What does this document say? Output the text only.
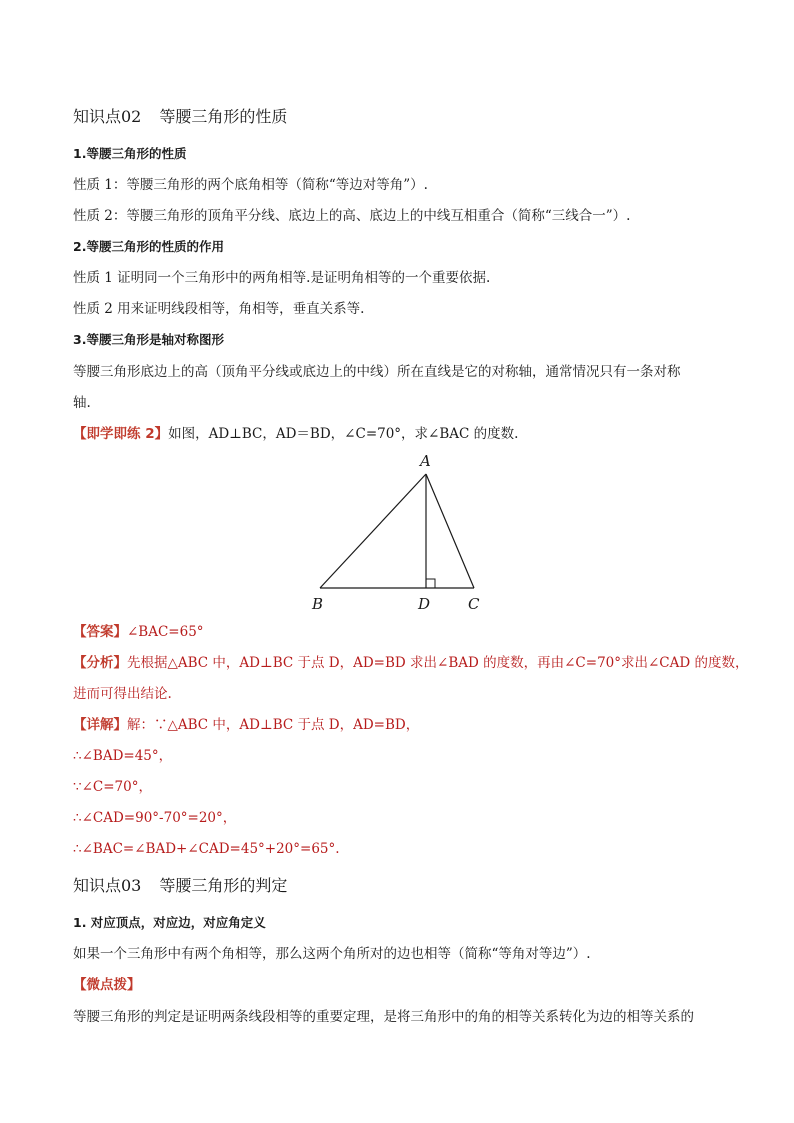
知识点02 等腰三角形的性质
1.等腰三角形的性质
性质 1：等腰三角形的两个底角相等（简称“等边对等角”）.
性质 2：等腰三角形的顶角平分线、底边上的高、底边上的中线互相重合（简称“三线合一”）.
2.等腰三角形的性质的作用
性质 1 证明同一个三角形中的两角相等.是证明角相等的一个重要依据.
性质 2 用来证明线段相等，角相等，垂直关系等.
3.等腰三角形是轴对称图形
等腰三角形底边上的高（顶角平分线或底边上的中线）所在直线是它的对称轴，通常情况只有一条对称
轴.
【即学即练 2】如图，AD⊥BC，AD＝BD，∠C=70°，求∠BAC 的度数.
A
B	D	C
【答案】∠BAC=65°
【分析】先根据△ABC 中，AD⊥BC 于点 D，AD=BD 求出∠BAD 的度数，再由∠C=70°求出∠CAD 的度数，
进而可得出结论.
【详解】解：∵△ABC 中，AD⊥BC 于点 D，AD=BD，
∴∠BAD=45°，
∵∠C=70°，
∴∠CAD=90°-70°=20°，
∴∠BAC=∠BAD+∠CAD=45°+20°=65°.
知识点03 等腰三角形的判定
1. 对应顶点，对应边，对应角定义
如果一个三角形中有两个角相等，那么这两个角所对的边也相等（简称“等角对等边”）.
【微点拨】
等腰三角形的判定是证明两条线段相等的重要定理，是将三角形中的角的相等关系转化为边的相等关系的
